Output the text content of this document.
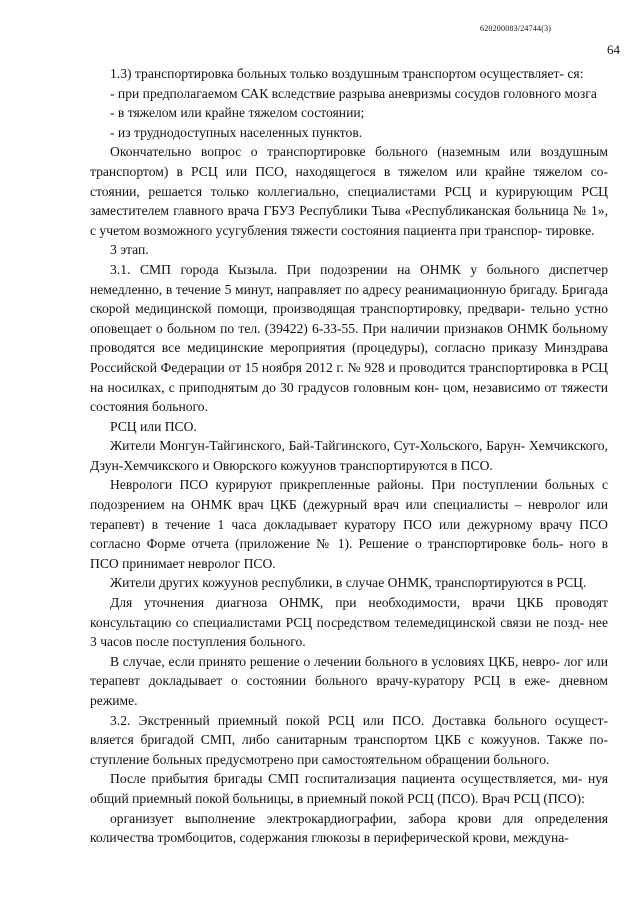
620200083/24744(3)
64

1.3) транспортировка больных только воздушным транспортом осуществляет- ся:

- при предполагаемом САК вследствие разрыва аневризмы сосудов головного мозга

- в тяжелом или крайне тяжелом состоянии;

- из труднодоступных населенных пунктов.

Окончательно вопрос о транспортировке больного (наземным или воздушным транспортом) в РСЦ или ПСО, находящегося в тяжелом или крайне тяжелом со- стоянии, решается только коллегиально, специалистами РСЦ и курирующим РСЦ заместителем главного врача ГБУЗ Республики Тыва «Республиканская больница № 1», с учетом возможного усугубления тяжести состояния пациента при транспор- тировке.

3 этап.

3.1. СМП города Кызыла. При подозрении на ОНМК у больного диспетчер немедленно, в течение 5 минут, направляет по адресу реанимационную бригаду. Бригада скорой медицинской помощи, производящая транспортировку, предвари- тельно устно оповещает о больном по тел. (39422) 6-33-55. При наличии признаков ОНМК больному проводятся все медицинские мероприятия (процедуры), согласно приказу Минздрава Российской Федерации от 15 ноября 2012 г. № 928 и проводится транспортировка в РСЦ на носилках, с приподнятым до 30 градусов головным кон- цом, независимо от тяжести состояния больного.

РСЦ или ПСО.

Жители Монгун-Тайгинского, Бай-Тайгинского, Сут-Хольского, Барун- Хемчикского, Дзун-Хемчикского и Овюрского кожуунов транспортируются в ПСО.

Неврологи ПСО курируют прикрепленные районы. При поступлении больных с подозрением на ОНМК врач ЦКБ (дежурный врач или специалисты – невролог или терапевт) в течение 1 часа докладывает куратору ПСО или дежурному врачу ПСО согласно Форме отчета (приложение № 1). Решение о транспортировке боль- ного в ПСО принимает невролог ПСО.

Жители других кожуунов республики, в случае ОНМК, транспортируются в РСЦ.

Для уточнения диагноза ОНМК, при необходимости, врачи ЦКБ проводят консультацию со специалистами РСЦ посредством телемедицинской связи не позд- нее 3 часов после поступления больного.

В случае, если принято решение о лечении больного в условиях ЦКБ, невро- лог или терапевт докладывает о состоянии больного врачу-куратору РСЦ в еже- дневном режиме.

3.2. Экстренный приемный покой РСЦ или ПСО. Доставка больного осущест- вляется бригадой СМП, либо санитарным транспортом ЦКБ с кожуунов. Также по- ступление больных предусмотрено при самостоятельном обращении больного.

После прибытия бригады СМП госпитализация пациента осуществляется, ми- нуя общий приемный покой больницы, в приемный покой РСЦ (ПСО). Врач РСЦ (ПСО):

организует выполнение электрокардиографии, забора крови для определения количества тромбоцитов, содержания глюкозы в периферической крови, междуна-
